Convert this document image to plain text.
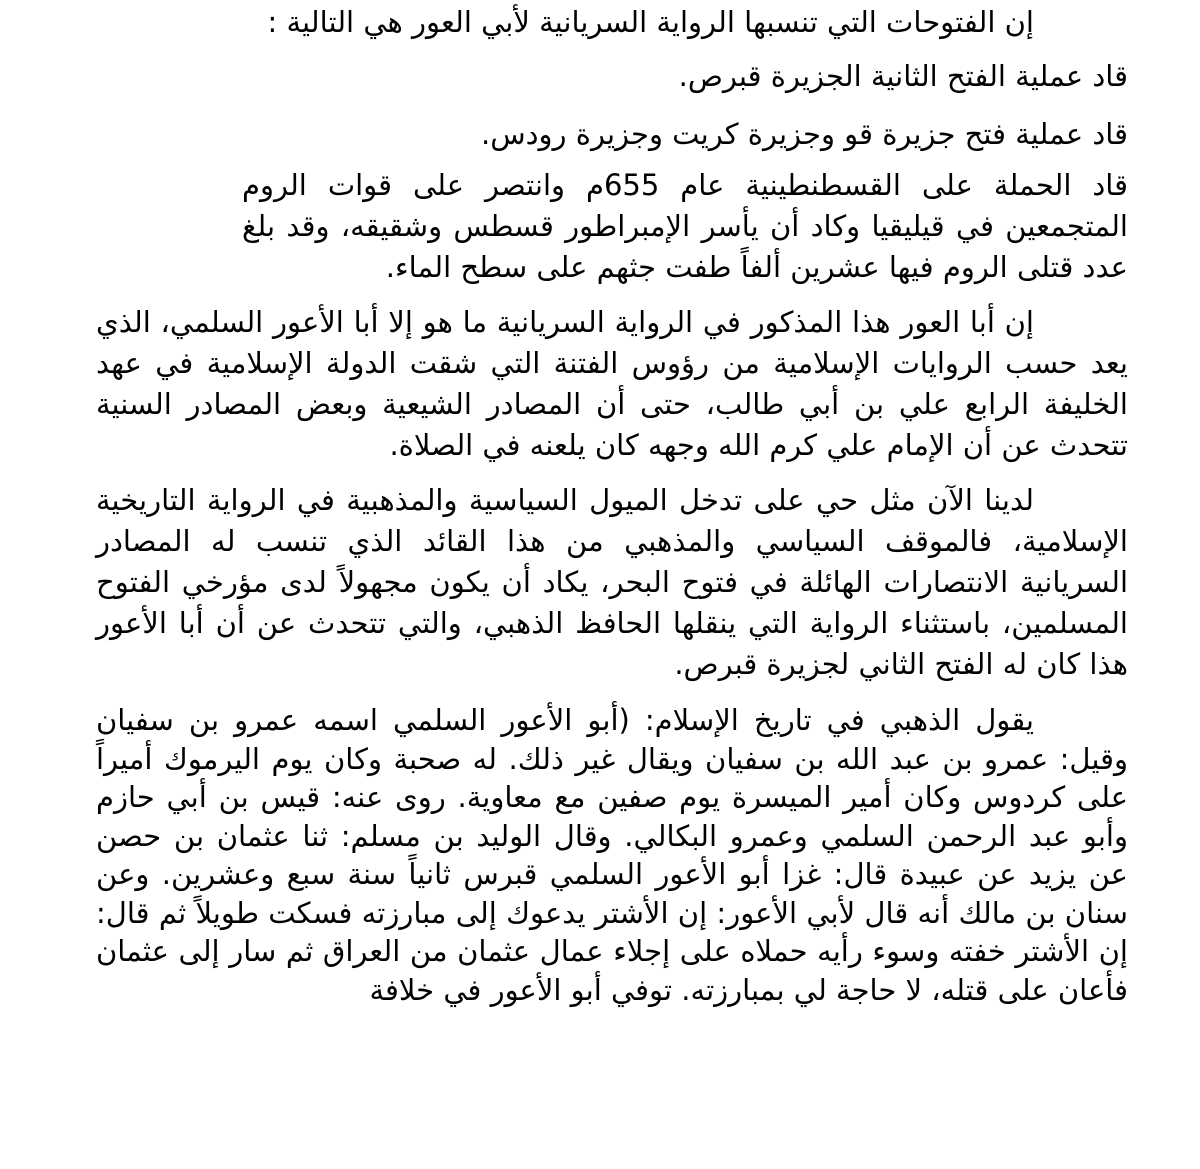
إن الفتوحات التي تنسبها الرواية السريانية لأبي العور هي التالية :

قاد عملية الفتح الثانية الجزيرة قبرص.

قاد عملية فتح جزيرة قو وجزيرة كريت وجزيرة رودس.

قاد الحملة على القسطنطينية عام 655م وانتصر على قوات الروم المتجمعين في قيليقيا وكاد أن يأسر الإمبراطور قسطس وشقيقه، وقد بلغ عدد قتلى الروم فيها عشرين ألفاً طفت جثهم على سطح الماء.

إن أبا العور هذا المذكور في الرواية السريانية ما هو إلا أبا الأعور السلمي، الذي يعد حسب الروايات الإسلامية من رؤوس الفتنة التي شقت الدولة الإسلامية في عهد الخليفة الرابع علي بن أبي طالب، حتى أن المصادر الشيعية وبعض المصادر السنية تتحدث عن أن الإمام علي كرم الله وجهه كان يلعنه في الصلاة.

لدينا الآن مثل حي على تدخل الميول السياسية والمذهبية في الرواية التاريخية الإسلامية، فالموقف السياسي والمذهبي من هذا القائد الذي تنسب له المصادر السريانية الانتصارات الهائلة في فتوح البحر، يكاد أن يكون مجهولاً لدى مؤرخي الفتوح المسلمين، باستثناء الرواية التي ينقلها الحافظ الذهبي، والتي تتحدث عن أن أبا الأعور هذا كان له الفتح الثاني لجزيرة قبرص.

يقول الذهبي في تاريخ الإسلام: (أبو الأعور السلمي اسمه عمرو بن سفيان وقيل: عمرو بن عبد الله بن سفيان ويقال غير ذلك. له صحبة وكان يوم اليرموك أميراً على كردوس وكان أمير الميسرة يوم صفين مع معاوية. روى عنه: قيس بن أبي حازم وأبو عبد الرحمن السلمي وعمرو البكالي. وقال الوليد بن مسلم: ثنا عثمان بن حصن عن يزيد عن عبيدة قال: غزا أبو الأعور السلمي قبرس ثانياً سنة سبع وعشرين. وعن سنان بن مالك أنه قال لأبي الأعور: إن الأشتر يدعوك إلى مبارزته فسكت طويلاً ثم قال: إن الأشتر خفته وسوء رأيه حملاه على إجلاء عمال عثمان من العراق ثم سار إلى عثمان فأعان على قتله، لا حاجة لي بمبارزته. توفي أبو الأعور في خلافة
